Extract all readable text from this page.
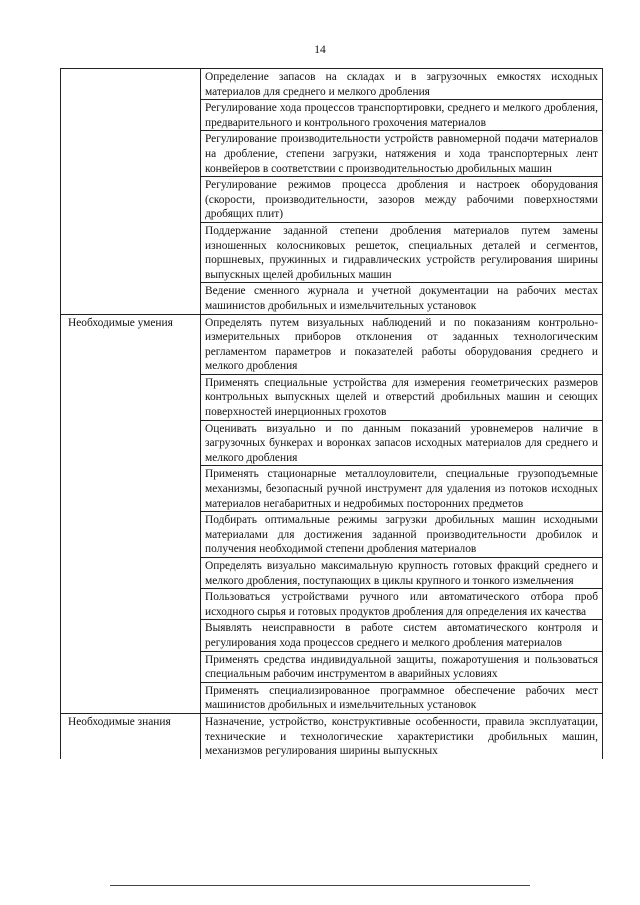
14
	Определение запасов на складах и в загрузочных емкостях исходных материалов для среднего и мелкого дробления
	Регулирование хода процессов транспортировки, среднего и мелкого дробления, предварительного и контрольного грохочения материалов
	Регулирование производительности устройств равномерной подачи материалов на дробление, степени загрузки, натяжения и хода транспортерных лент конвейеров в соответствии с производительностью дробильных машин
	Регулирование режимов процесса дробления и настроек оборудования (скорости, производительности, зазоров между рабочими поверхностями дробящих плит)
	Поддержание заданной степени дробления материалов путем замены изношенных колосниковых решеток, специальных деталей и сегментов, поршневых, пружинных и гидравлических устройств регулирования ширины выпускных щелей дробильных машин
	Ведение сменного журнала и учетной документации на рабочих местах машинистов дробильных и измельчительных установок
Необходимые умения	Определять путем визуальных наблюдений и по показаниям контрольно-измерительных приборов отклонения от заданных технологическим регламентом параметров и показателей работы оборудования среднего и мелкого дробления
	Применять специальные устройства для измерения геометрических размеров контрольных выпускных щелей и отверстий дробильных машин и сеющих поверхностей инерционных грохотов
	Оценивать визуально и по данным показаний уровнемеров наличие в загрузочных бункерах и воронках запасов исходных материалов для среднего и мелкого дробления
	Применять стационарные металлоуловители, специальные грузоподъемные механизмы, безопасный ручной инструмент для удаления из потоков исходных материалов негабаритных и недробимых посторонних предметов
	Подбирать оптимальные режимы загрузки дробильных машин исходными материалами для достижения заданной производительности дробилок и получения необходимой степени дробления материалов
	Определять визуально максимальную крупность готовых фракций среднего и мелкого дробления, поступающих в циклы крупного и тонкого измельчения
	Пользоваться устройствами ручного или автоматического отбора проб исходного сырья и готовых продуктов дробления для определения их качества
	Выявлять неисправности в работе систем автоматического контроля и регулирования хода процессов среднего и мелкого дробления материалов
	Применять средства индивидуальной защиты, пожаротушения и пользоваться специальным рабочим инструментом в аварийных условиях
	Применять специализированное программное обеспечение рабочих мест машинистов дробильных и измельчительных установок
Необходимые знания	Назначение, устройство, конструктивные особенности, правила эксплуатации, технические и технологические характеристики дробильных машин, механизмов регулирования ширины выпускных
